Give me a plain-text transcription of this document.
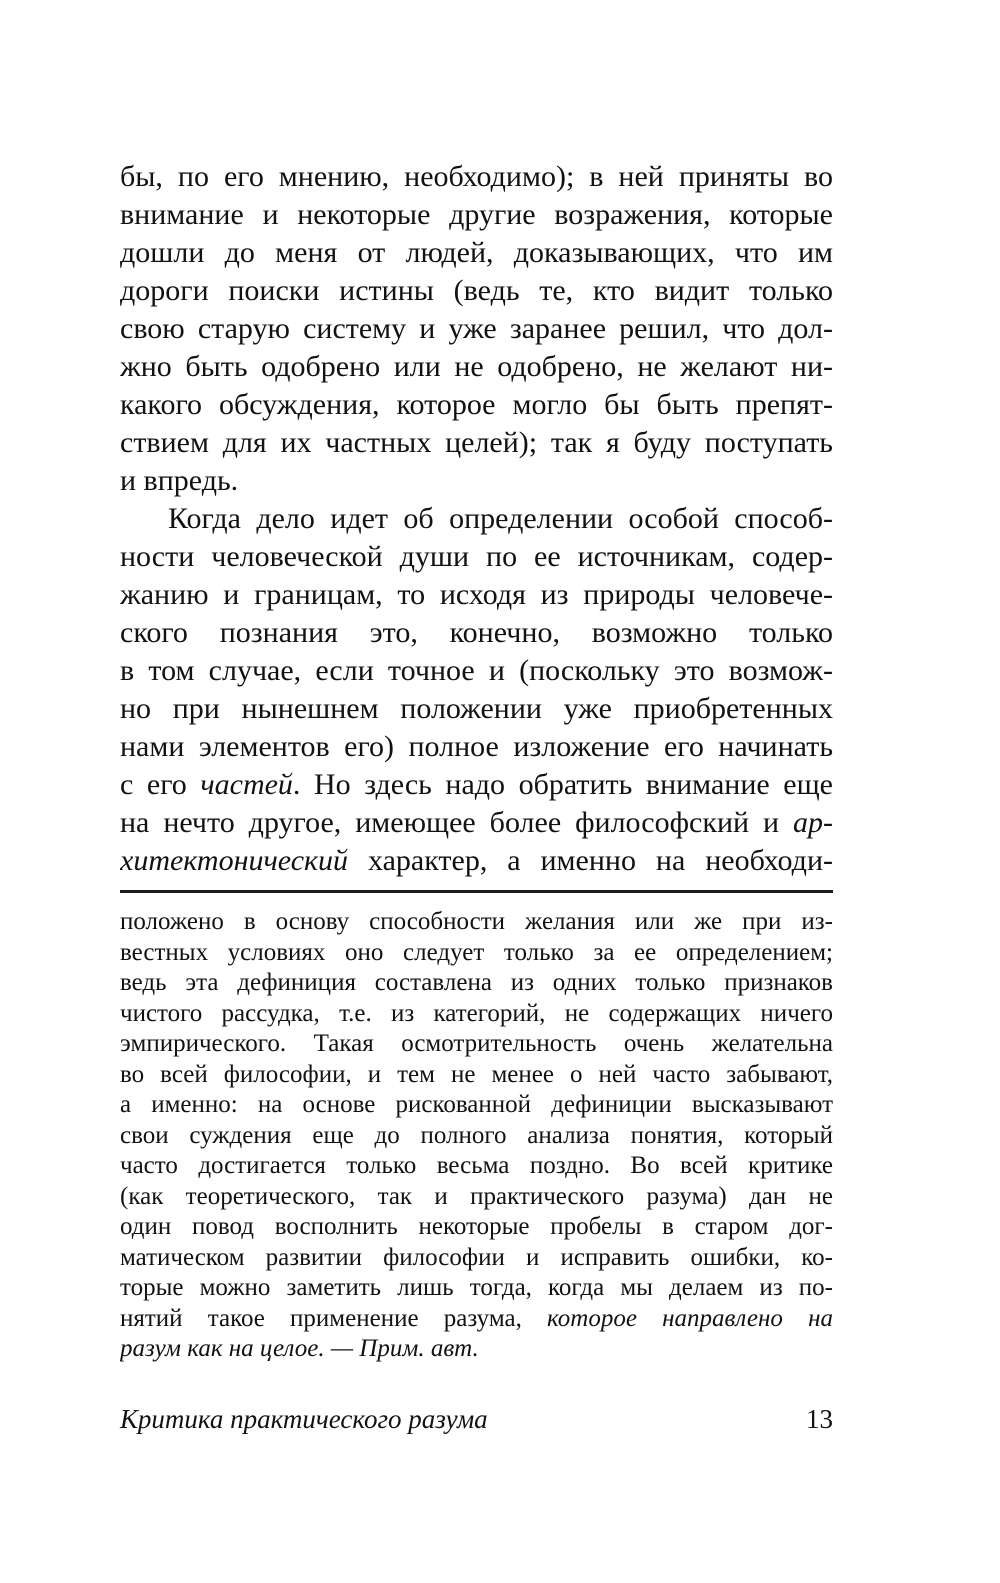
бы, по его мнению, необходимо); в ней приняты во
внимание и некоторые другие возражения, которые
дошли до меня от людей, доказывающих, что им
дороги поиски истины (ведь те, кто видит только
свою старую систему и уже заранее решил, что дол-
жно быть одобрено или не одобрено, не желают ни-
какого обсуждения, которое могло бы быть препят-
ствием для их частных целей); так я буду поступать
и впредь.
Когда дело идет об определении особой способ-
ности человеческой души по ее источникам, содер-
жанию и границам, то исходя из природы человече-
ского познания это, конечно, возможно только
в том случае, если точное и (поскольку это возмож-
но при нынешнем положении уже приобретенных
нами элементов его) полное изложение его начинать
с его частей. Но здесь надо обратить внимание еще
на нечто другое, имеющее более философский и ар-
хитектонический характер, а именно на необходи-
положено в основу способности желания или же при из-
вестных условиях оно следует только за ее определением;
ведь эта дефиниция составлена из одних только признаков
чистого рассудка, т.е. из категорий, не содержащих ничего
эмпирического. Такая осмотрительность очень желательна
во всей философии, и тем не менее о ней часто забывают,
а именно: на основе рискованной дефиниции высказывают
свои суждения еще до полного анализа понятия, который
часто достигается только весьма поздно. Во всей критике
(как теоретического, так и практического разума) дан не
один повод восполнить некоторые пробелы в старом дог-
матическом развитии философии и исправить ошибки, ко-
торые можно заметить лишь тогда, когда мы делаем из по-
нятий такое применение разума, которое направлено на
разум как на целое. — Прим. авт.
Критика практического разума	13
